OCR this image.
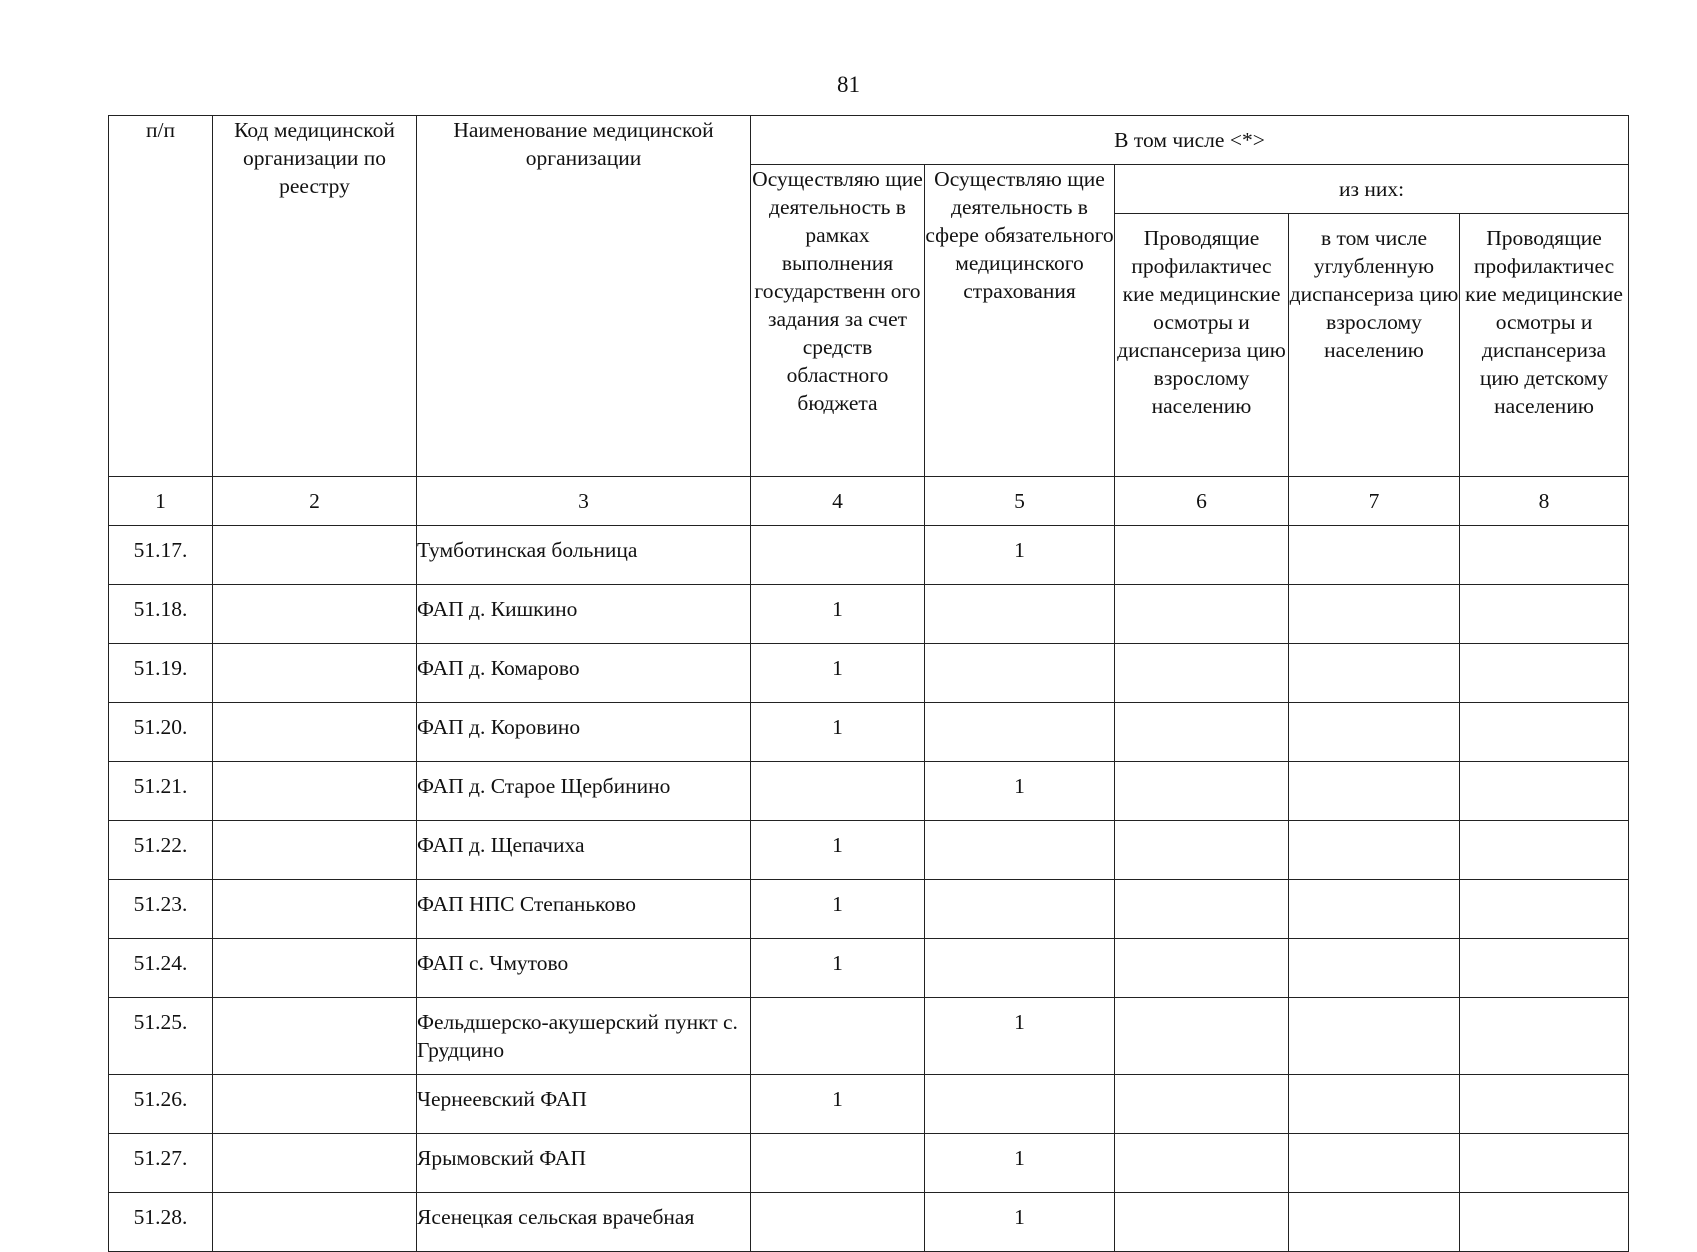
81
п/п	Код медицинской организации по реестру	Наименование медицинской организации	В том числе <*>				
			Осуществляю щие деятельность в рамках выполнения государственн ого задания за счет средств областного бюджета	Осуществляю щие деятельность в сфере обязательного медицинского страхования	из них:		
					Проводящие профилактичес кие медицинские осмотры и диспансериза цию взрослому населению	в том числе углубленную диспансериза цию взрослому населению	Проводящие профилактичес кие медицинские осмотры и диспансериза цию детскому населению
1	2	3	4	5	6	7	8
51.17.		Тумботинская больница		1			
51.18.		ФАП д. Кишкино	1				
51.19.		ФАП д. Комарово	1				
51.20.		ФАП д. Коровино	1				
51.21.		ФАП д. Старое Щербинино		1			
51.22.		ФАП д. Щепачиха	1				
51.23.		ФАП НПС Степаньково	1				
51.24.		ФАП с. Чмутово	1				
51.25.		Фельдшерско-акушерский пункт с. Грудцино		1			
51.26.		Чернеевский ФАП	1				
51.27.		Ярымовский ФАП		1			
51.28.		Ясенецкая сельская врачебная		1			
